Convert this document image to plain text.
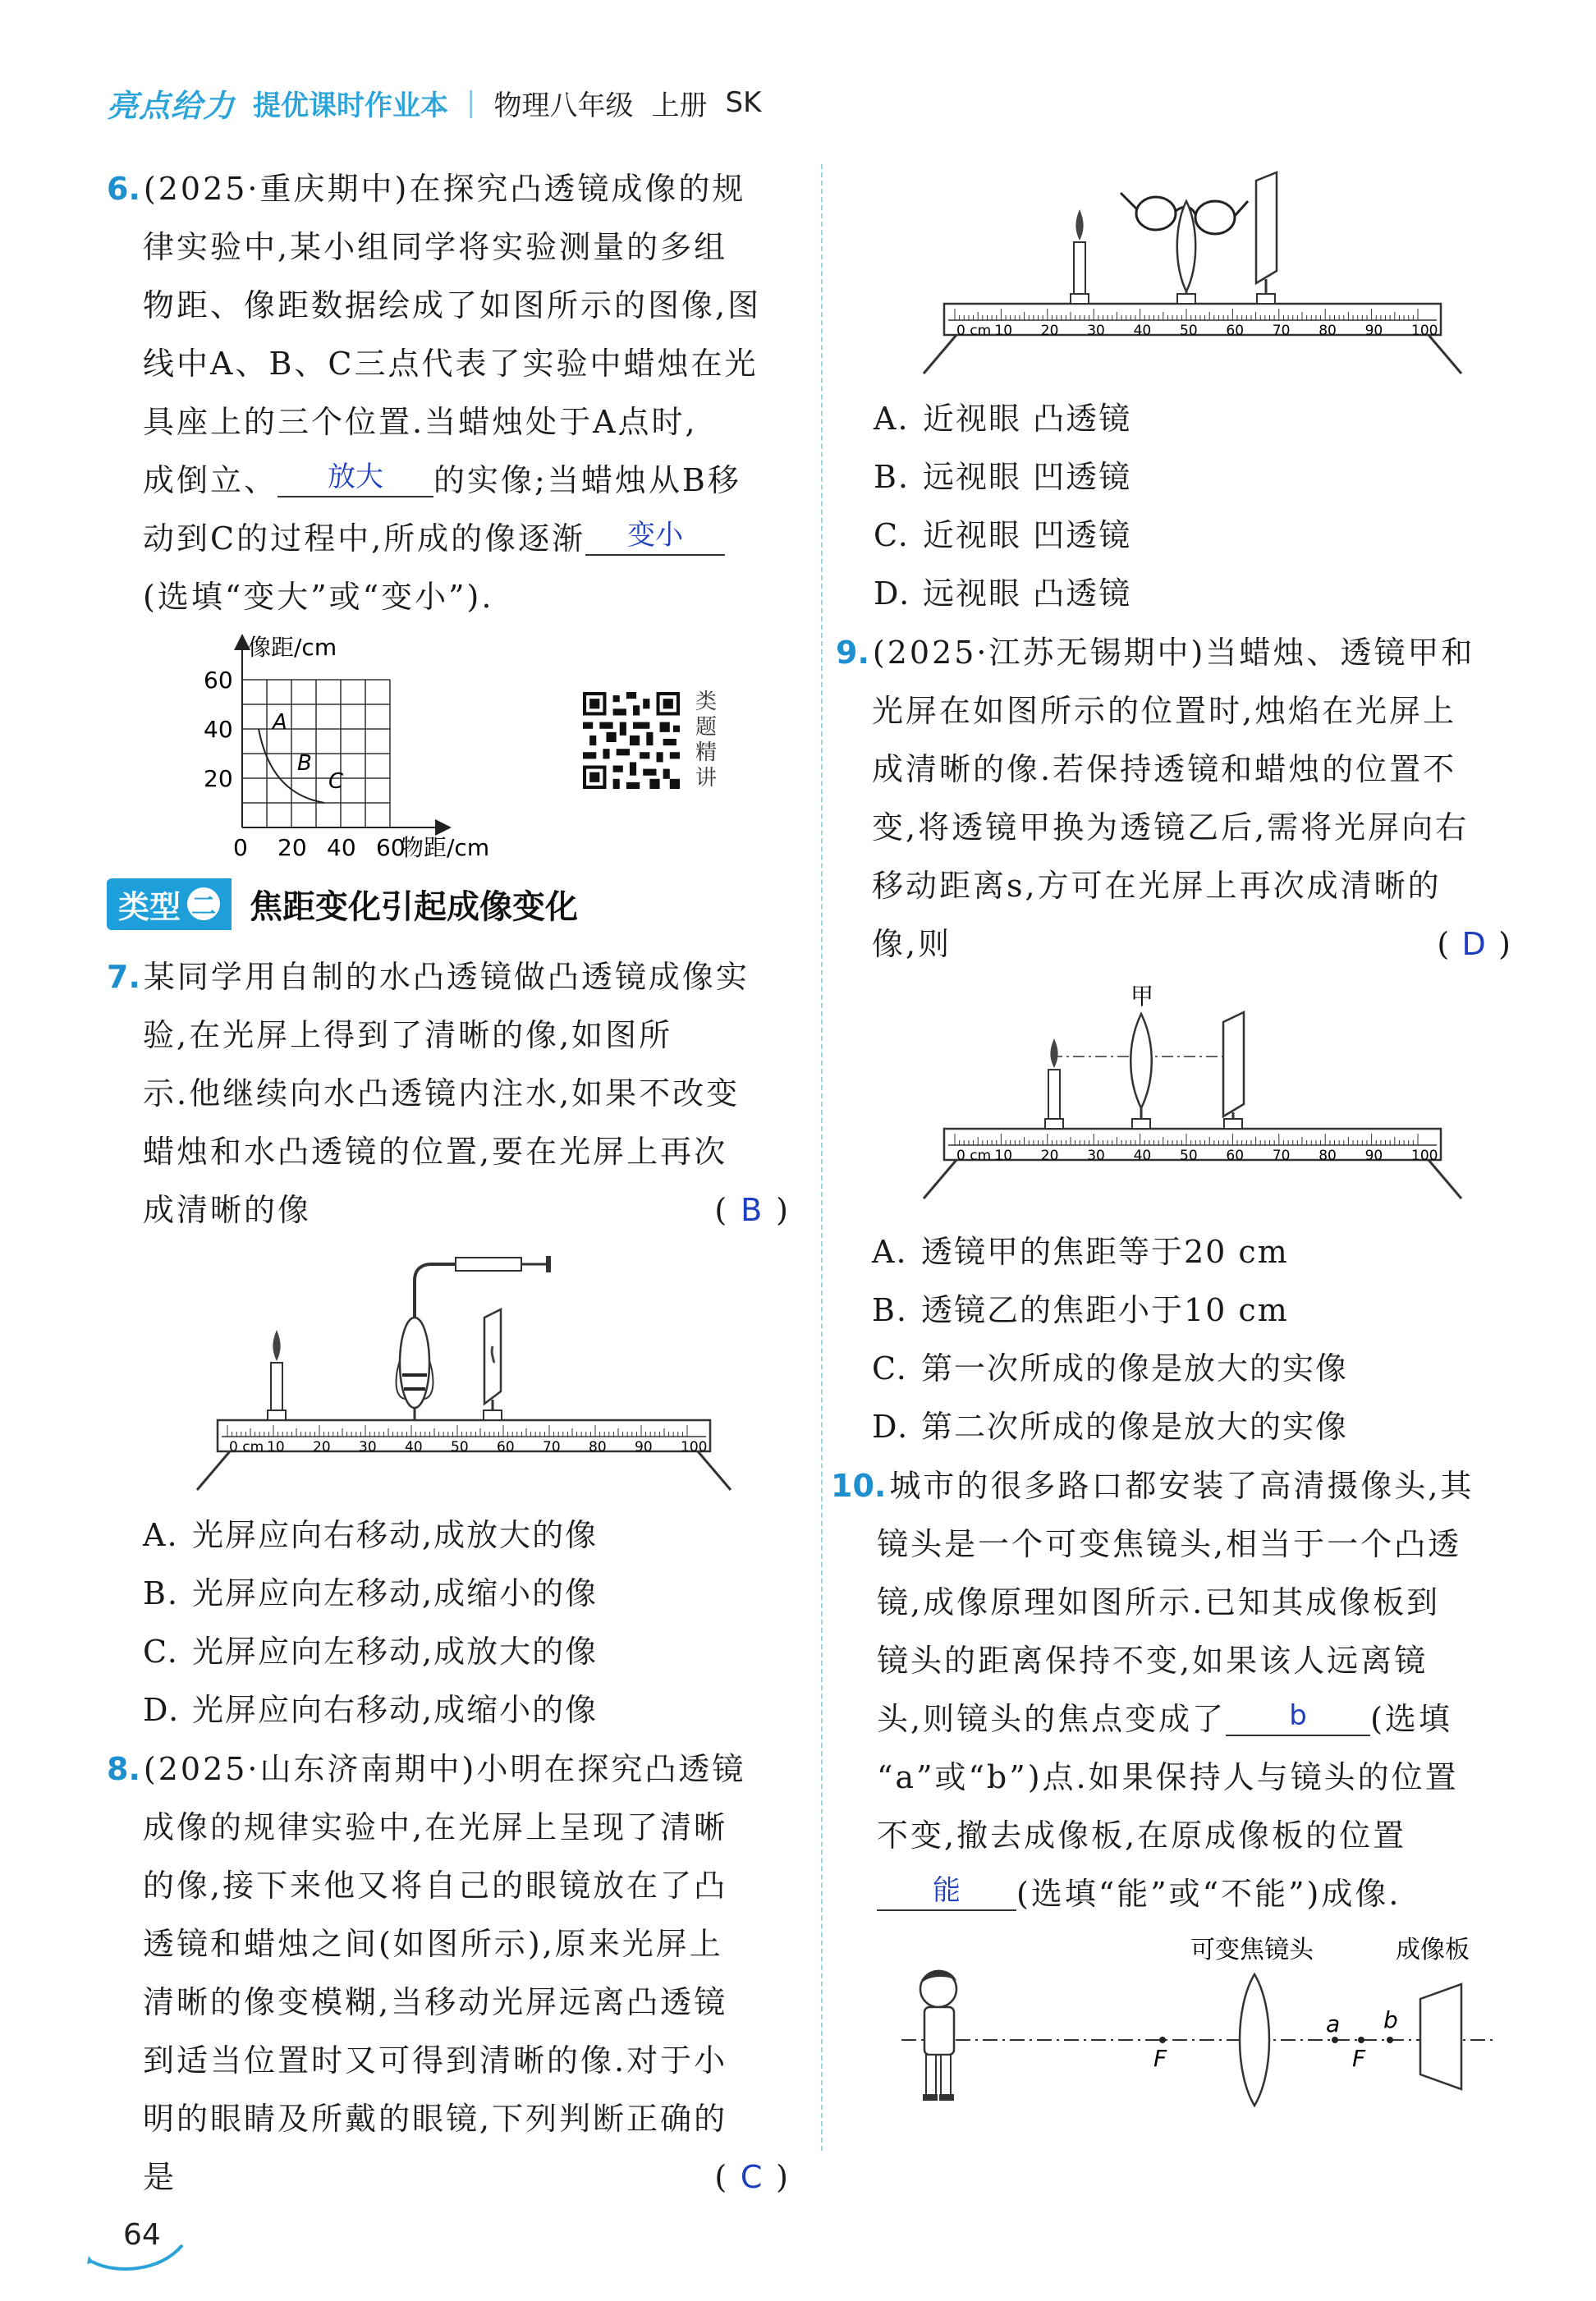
亮点给力 提优课时作业本 | 物理八年级 上册 SK
6. (2025·重庆期中)在探究凸透镜成像的规
律实验中,某小组同学将实验测量的多组
物距、像距数据绘成了如图所示的图像,图
线中A、B、C三点代表了实验中蜡烛在光
具座上的三个位置.当蜡烛处于A点时,
成倒立、 放大 的实像;当蜡烛从B移
动到C的过程中,所成的像逐渐 变小
(选填“变大”或“变小”).
像距/cm
60
40
20
0 20 40 60
物距/cm
A
B
C
类
题
精
讲
类型 二 焦距变化引起成像变化
7. 某同学用自制的水凸透镜做凸透镜成像实
验,在光屏上得到了清晰的像,如图所
示.他继续向水凸透镜内注水,如果不改变
蜡烛和水凸透镜的位置,要在光屏上再次
成清晰的像	( B )
0 cm 10 20 30 40 50 60 70 80 90 100
A. 光屏应向右移动,成放大的像
B. 光屏应向左移动,成缩小的像
C. 光屏应向左移动,成放大的像
D. 光屏应向右移动,成缩小的像
8. (2025·山东济南期中)小明在探究凸透镜
成像的规律实验中,在光屏上呈现了清晰
的像,接下来他又将自己的眼镜放在了凸
透镜和蜡烛之间(如图所示),原来光屏上
清晰的像变模糊,当移动光屏远离凸透镜
到适当位置时又可得到清晰的像.对于小
明的眼睛及所戴的眼镜,下列判断正确的
是	( C )
0 cm 10 20 30 40 50 60 70 80 90 100
A. 近视眼 凸透镜
B. 远视眼 凹透镜
C. 近视眼 凹透镜
D. 远视眼 凸透镜
9. (2025·江苏无锡期中)当蜡烛、透镜甲和
光屏在如图所示的位置时,烛焰在光屏上
成清晰的像.若保持透镜和蜡烛的位置不
变,将透镜甲换为透镜乙后,需将光屏向右
移动距离s,方可在光屏上再次成清晰的
像,则	( D )
0 cm 10 20 30 40 50 60 70 80 90 100
甲
A. 透镜甲的焦距等于20 cm
B. 透镜乙的焦距小于10 cm
C. 第一次所成的像是放大的实像
D. 第二次所成的像是放大的实像
10. 城市的很多路口都安装了高清摄像头,其
镜头是一个可变焦镜头,相当于一个凸透
镜,成像原理如图所示.已知其成像板到
镜头的距离保持不变,如果该人远离镜
头,则镜头的焦点变成了 b (选填
“a”或“b”)点.如果保持人与镜头的位置
不变,撤去成像板,在原成像板的位置
能 (选填“能”或“不能”)成像.
可变焦镜头	成像板
F
a
F
b
64
